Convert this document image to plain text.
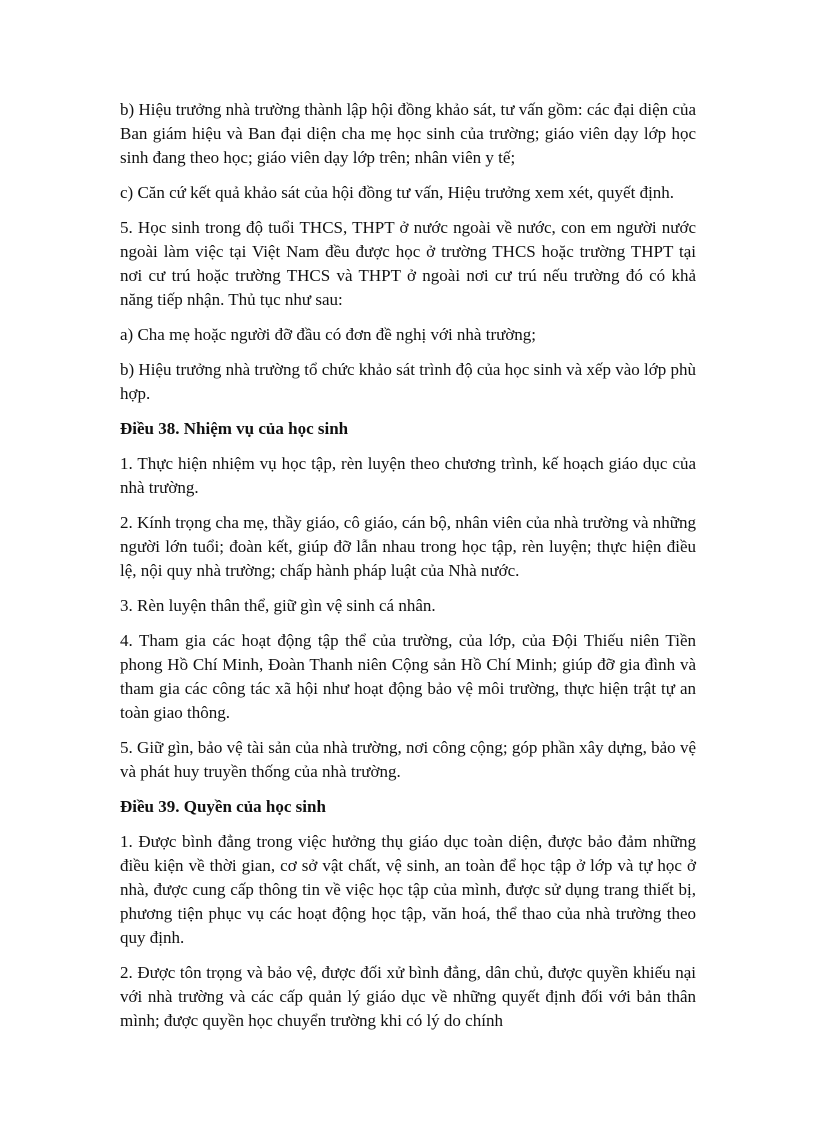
b) Hiệu trưởng nhà trường thành lập hội đồng khảo sát, tư vấn gồm: các đại diện của Ban giám hiệu và Ban đại diện cha mẹ học sinh của trường; giáo viên dạy lớp học sinh đang theo học; giáo viên dạy lớp trên; nhân viên y tế;

c) Căn cứ kết quả khảo sát của hội đồng tư vấn, Hiệu trưởng xem xét, quyết định.

5. Học sinh trong độ tuổi THCS, THPT ở nước ngoài về nước, con em người nước ngoài làm việc tại Việt Nam đều được học ở trường THCS hoặc trường THPT tại nơi cư trú hoặc trường THCS và THPT ở ngoài nơi cư trú nếu trường đó có khả năng tiếp nhận. Thủ tục như sau:

a) Cha mẹ hoặc người đỡ đầu có đơn đề nghị với nhà trường;

b) Hiệu trưởng nhà trường tổ chức khảo sát trình độ của học sinh và xếp vào lớp phù hợp.

Điều 38. Nhiệm vụ của học sinh

1. Thực hiện nhiệm vụ học tập, rèn luyện theo chương trình, kế hoạch giáo dục của nhà trường.

2. Kính trọng cha mẹ, thầy giáo, cô giáo, cán bộ, nhân viên của nhà trường và những người lớn tuổi; đoàn kết, giúp đỡ lẫn nhau trong học tập, rèn luyện; thực hiện điều lệ, nội quy nhà trường; chấp hành pháp luật của Nhà nước.

3. Rèn luyện thân thể, giữ gìn vệ sinh cá nhân.

4. Tham gia các hoạt động tập thể của trường, của lớp, của Đội Thiếu niên Tiền phong Hồ Chí Minh, Đoàn Thanh niên Cộng sản Hồ Chí Minh; giúp đỡ gia đình và tham gia các công tác xã hội như hoạt động bảo vệ môi trường, thực hiện trật tự an toàn giao thông.

5. Giữ gìn, bảo vệ tài sản của nhà trường, nơi công cộng; góp phần xây dựng, bảo vệ và phát huy truyền thống của nhà trường.

Điều 39. Quyền của học sinh

1. Được bình đẳng trong việc hưởng thụ giáo dục toàn diện, được bảo đảm những điều kiện về thời gian, cơ sở vật chất, vệ sinh, an toàn để học tập ở lớp và tự học ở nhà, được cung cấp thông tin về việc học tập của mình, được sử dụng trang thiết bị, phương tiện phục vụ các hoạt động học tập, văn hoá, thể thao của nhà trường theo quy định.

2. Được tôn trọng và bảo vệ, được đối xử bình đẳng, dân chủ, được quyền khiếu nại với nhà trường và các cấp quản lý giáo dục về những quyết định đối với bản thân mình; được quyền học chuyển trường khi có lý do chính
